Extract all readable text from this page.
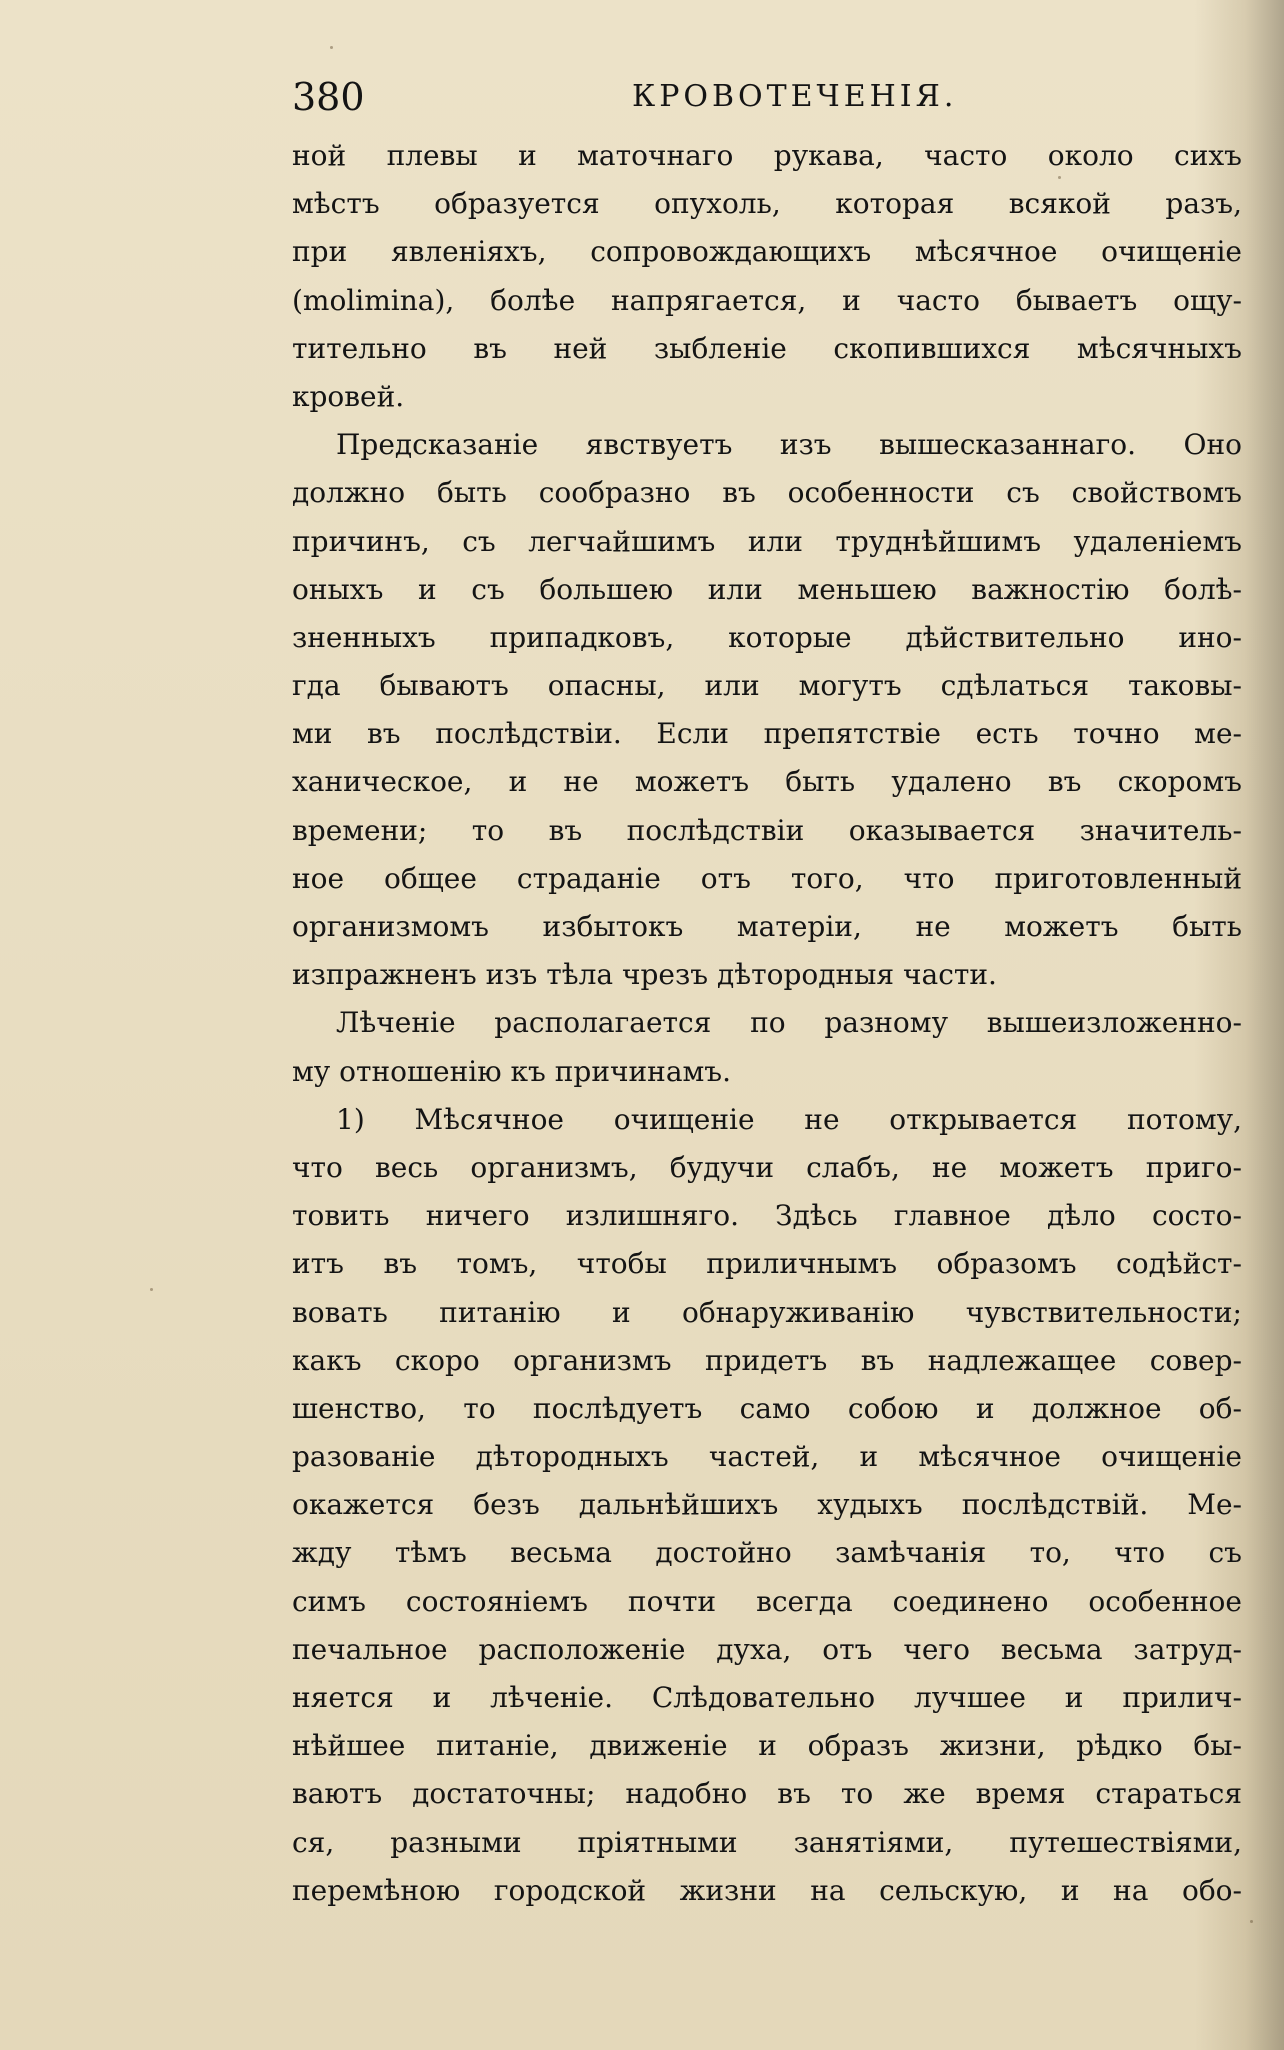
380	КРОВОТЕЧЕНІЯ.
ной плевы и маточнаго рукава, часто около сихъ
мѣстъ образуется опухоль, которая всякой разъ,
при явленіяхъ, сопровождающихъ мѣсячное очищеніе
(molimina), болѣе напрягается, и часто бываетъ ощу-
тительно въ ней зыбленіе скопившихся мѣсячныхъ
кровей.
Предсказаніе явствуетъ изъ вышесказаннаго. Оно
должно быть сообразно въ особенности съ свойствомъ
причинъ, съ легчайшимъ или труднѣйшимъ удаленіемъ
оныхъ и съ большею или меньшею важностію болѣ-
зненныхъ припадковъ, которые дѣйствительно ино-
гда бываютъ опасны, или могутъ сдѣлаться таковы-
ми въ послѣдствіи. Если препятствіе есть точно ме-
ханическое, и не можетъ быть удалено въ скоромъ
времени; то въ послѣдствіи оказывается значитель-
ное общее страданіе отъ того, что приготовленный
организмомъ избытокъ матеріи, не можетъ быть
изпражненъ изъ тѣла чрезъ дѣтородныя части.
Лѣченіе располагается по разному вышеизложенно-
му отношенію къ причинамъ.
1) Мѣсячное очищеніе не открывается потому,
что весь организмъ, будучи слабъ, не можетъ приго-
товить ничего излишняго. Здѣсь главное дѣло состо-
итъ въ томъ, чтобы приличнымъ образомъ содѣйст-
вовать питанію и обнаруживанію чувствительности;
какъ скоро организмъ придетъ въ надлежащее совер-
шенство, то послѣдуетъ само собою и должное об-
разованіе дѣтородныхъ частей, и мѣсячное очищеніе
окажется безъ дальнѣйшихъ худыхъ послѣдствій. Ме-
жду тѣмъ весьма достойно замѣчанія то, что съ
симъ состояніемъ почти всегда соединено особенное
печальное расположеніе духа, отъ чего весьма затруд-
няется и лѣченіе. Слѣдовательно лучшее и прилич-
нѣйшее питаніе, движеніе и образъ жизни, рѣдко бы-
ваютъ достаточны; надобно въ то же время стараться
ся, разными пріятными занятіями, путешествіями,
перемѣною городской жизни на сельскую, и на обо-
